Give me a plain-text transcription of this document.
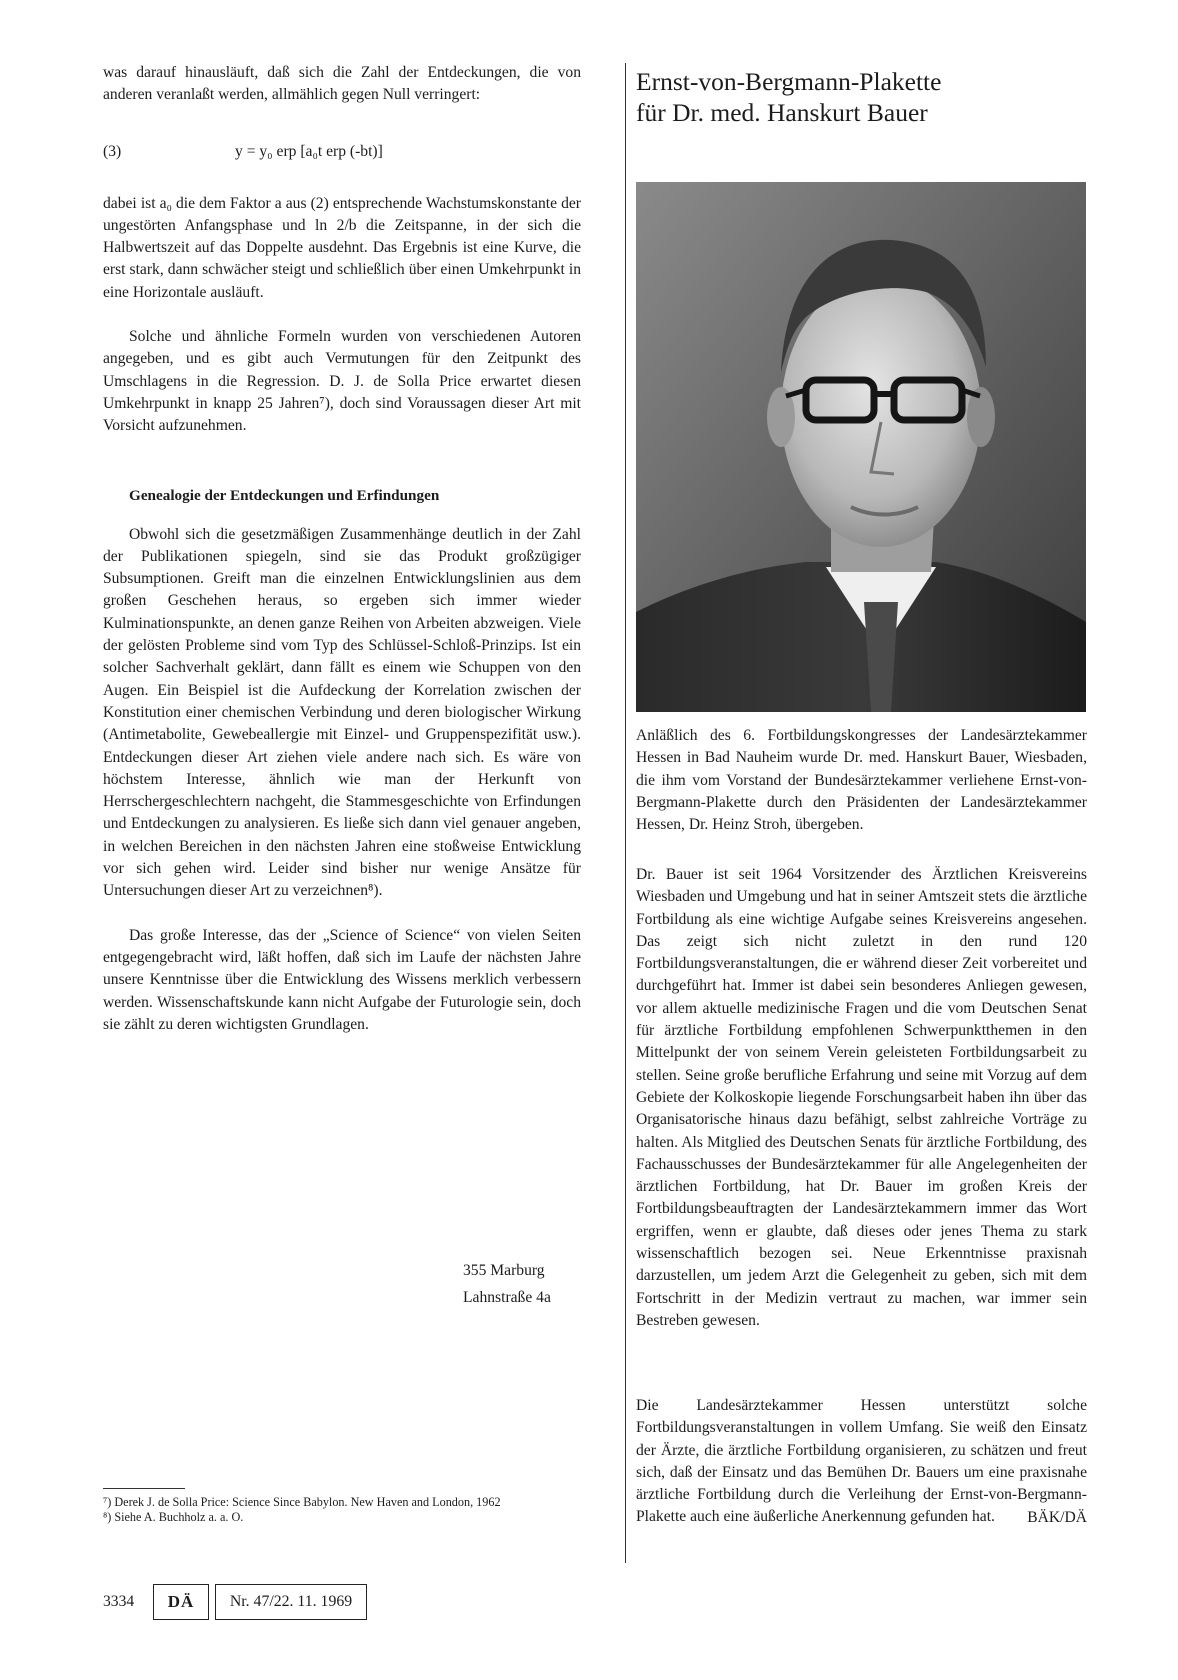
was darauf hinausläuft, daß sich die Zahl der Entdeckungen, die von anderen veranlaßt werden, allmählich gegen Null verringert:

(3)	y = y₀ erp [a₀t erp (-bt)]

dabei ist a₀ die dem Faktor a aus (2) entsprechende Wachstumskonstante der ungestörten Anfangsphase und ln 2/b die Zeitspanne, in der sich die Halbwertszeit auf das Doppelte ausdehnt. Das Ergebnis ist eine Kurve, die erst stark, dann schwächer steigt und schließlich über einen Umkehrpunkt in eine Horizontale ausläuft.

Solche und ähnliche Formeln wurden von verschiedenen Autoren angegeben, und es gibt auch Vermutungen für den Zeitpunkt des Umschlagens in die Regression. D. J. de Solla Price erwartet diesen Umkehrpunkt in knapp 25 Jahren⁷), doch sind Voraussagen dieser Art mit Vorsicht aufzunehmen.

Genealogie der Entdeckungen und Erfindungen

Obwohl sich die gesetzmäßigen Zusammenhänge deutlich in der Zahl der Publikationen spiegeln, sind sie das Produkt großzügiger Subsumptionen. Greift man die einzelnen Entwicklungslinien aus dem großen Geschehen heraus, so ergeben sich immer wieder Kulminationspunkte, an denen ganze Reihen von Arbeiten abzweigen. Viele der gelösten Probleme sind vom Typ des Schlüssel-Schloß-Prinzips. Ist ein solcher Sachverhalt geklärt, dann fällt es einem wie Schuppen von den Augen. Ein Beispiel ist die Aufdeckung der Korrelation zwischen der Konstitution einer chemischen Verbindung und deren biologischer Wirkung (Antimetabolite, Gewebeallergie mit Einzel- und Gruppenspezifität usw.). Entdeckungen dieser Art ziehen viele andere nach sich. Es wäre von höchstem Interesse, ähnlich wie man der Herkunft von Herrschergeschlechtern nachgeht, die Stammesgeschichte von Erfindungen und Entdeckungen zu analysieren. Es ließe sich dann viel genauer angeben, in welchen Bereichen in den nächsten Jahren eine stoßweise Entwicklung vor sich gehen wird. Leider sind bisher nur wenige Ansätze für Untersuchungen dieser Art zu verzeichnen⁸).

Das große Interesse, das der „Science of Science“ von vielen Seiten entgegengebracht wird, läßt hoffen, daß sich im Laufe der nächsten Jahre unsere Kenntnisse über die Entwicklung des Wissens merklich verbessern werden. Wissenschaftskunde kann nicht Aufgabe der Futurologie sein, doch sie zählt zu deren wichtigsten Grundlagen.

355 Marburg
Lahnstraße 4a

⁷) Derek J. de Solla Price: Science Since Babylon. New Haven and London, 1962

⁸) Siehe A. Buchholz a. a. O.

3334	DÄ	Nr. 47/22. 11. 1969
Ernst-von-Bergmann-Plakette
für Dr. med. Hanskurt Bauer

Anläßlich des 6. Fortbildungskongresses der Landesärztekammer Hessen in Bad Nauheim wurde Dr. med. Hanskurt Bauer, Wiesbaden, die ihm vom Vorstand der Bundesärztekammer verliehene Ernst-von-Bergmann-Plakette durch den Präsidenten der Landesärztekammer Hessen, Dr. Heinz Stroh, übergeben.

Dr. Bauer ist seit 1964 Vorsitzender des Ärztlichen Kreisvereins Wiesbaden und Umgebung und hat in seiner Amtszeit stets die ärztliche Fortbildung als eine wichtige Aufgabe seines Kreisvereins angesehen. Das zeigt sich nicht zuletzt in den rund 120 Fortbildungsveranstaltungen, die er während dieser Zeit vorbereitet und durchgeführt hat. Immer ist dabei sein besonderes Anliegen gewesen, vor allem aktuelle medizinische Fragen und die vom Deutschen Senat für ärztliche Fortbildung empfohlenen Schwerpunktthemen in den Mittelpunkt der von seinem Verein geleisteten Fortbildungsarbeit zu stellen. Seine große berufliche Erfahrung und seine mit Vorzug auf dem Gebiete der Kolkoskopie liegende Forschungsarbeit haben ihn über das Organisatorische hinaus dazu befähigt, selbst zahlreiche Vorträge zu halten. Als Mitglied des Deutschen Senats für ärztliche Fortbildung, des Fachausschusses der Bundesärztekammer für alle Angelegenheiten der ärztlichen Fortbildung, hat Dr. Bauer im großen Kreis der Fortbildungsbeauftragten der Landesärztekammern immer das Wort ergriffen, wenn er glaubte, daß dieses oder jenes Thema zu stark wissenschaftlich bezogen sei. Neue Erkenntnisse praxisnah darzustellen, um jedem Arzt die Gelegenheit zu geben, sich mit dem Fortschritt in der Medizin vertraut zu machen, war immer sein Bestreben gewesen.

Die Landesärztekammer Hessen unterstützt solche Fortbildungsveranstaltungen in vollem Umfang. Sie weiß den Einsatz der Ärzte, die ärztliche Fortbildung organisieren, zu schätzen und freut sich, daß der Einsatz und das Bemühen Dr. Bauers um eine praxisnahe ärztliche Fortbildung durch die Verleihung der Ernst-von-Bergmann-Plakette auch eine äußerliche Anerkennung gefunden hat.	BÄK/DÄ
